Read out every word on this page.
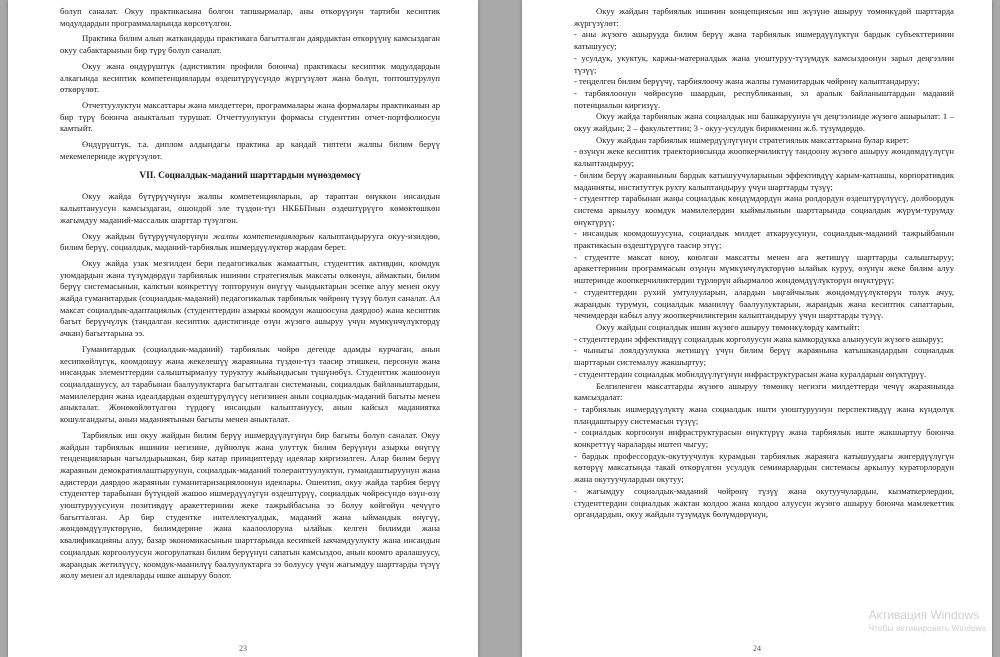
болуп саналат. Окуу практикасына болгон тапшырмалар, аны өткөрүүнүн тартиби кесиптик модулдардын программаларында көрсөтүлгөн.

Практика билим алып жаткандарды практикага багытталган даярдыктан өткөрүүнү камсыздаган окуу сабактарынын бир түрү болуп саналат.

Окуу жана өндүрүштүк (адистиктин профили боюнча) практикасы кесиптик модулдардын алкагында кесиптик компетенцияларды өздештүрүүсүндө жүргүзүлөт жана бөлүп, топтоштурулуп өткөрүлөт.

Отчеттуулуктун максаттары жана милдеттери, программалары жана формалары практиканын ар бир түрү боюнча аныкталып турушат. Отчеттуулуктун формасы студенттин отчет-портфолиосун камтыйт.

Өндүрүштүк, т.а. диплом алдындагы практика ар кандай типтеги жалпы билим берүү мекемелеринде жүргүзүлөт.

VII. Социалдык-маданий шарттардын мүнөздөмөсү

Окуу жайда бүтүрүүчүнүн жалпы компетенцияларын, ар тараптан өнүккөн инсандын калыптануусун камсыздаган, ошондой эле түздөн-түз НКББПнын өздештүрүүгө көмөктөшкөн жагымдуу маданий-массалык шарттар түзүлгөн.

Окуу жайдын бүтүрүүчүлөрүнүн жалпы компетенцияларын калыптандырууга окуу-изилдөө, билим берүү, социалдык, маданий-тарбиялык ишмердүүлүктөр жардам берет.

Окуу жайда узак мезгилден бери педагогикалык жамааттын, студенттик активдин, коомдук уюмдардын жана түзүмдөрдүн тарбиялык ишинин стратегиялык максаты өлкөнүн, аймактын, билим берүү системасынын, калктын конкреттүү топторунун өнүгүү чындыктарын эсепке алуу менен окуу жайда гуманитардык (социалдык-маданий) педагогикалык тарбиялык чөйрөнү түзүү болуп саналат. Ал максат социалдык-адаптациялык (студенттердин азыркы коомдун жашоосуна даярдоо) жана кесиптик багыт берүүчүлүк (тандалган кесиптик адистигинде өзүн жүзөгө ашыруу үчүн мүмкүнчүлүктөрдү ачкан) багыттарына ээ.

Гуманитардык (социалдык-маданий) тарбиялык чөйрө дегенде адамды курчаган, анын кесипкөйлүгүк, коомдошуу жана жекелешүү жараянына түздөн-түз таасир этишкен, персонун жана инсандык элементтердин салыштырмалуу туруктуу жыйындысын түшүнөбүз. Студенттик жашоонун социалдашуусу, ал тарабынан баалуулуктарга багытталган системанын, социалдык байланыштардын, мамилелердин жана идеалдардын өздештүрүлүүсү негизинен анын социалдык-маданий багыты менен аныкталат. Жөнөкөйлөтүлгөн түрдөгү инсандын калыптануусу, анын кайсыл маданиятка кошулгандыгы, анын маданиятынын багыты менен аныкталат.

Тарбиялык иш окуу жайдын билим берүү ишмердүүлүгүнүн бир багыты болуп саналат. Окуу жайдын тарбиялык ишинин негизине, дүйнөлүк жана улуттук билим берүүнүн азыркы өнүгүү тенденцияларын чагылдырышкан, бир катар принциптердү идеялар киргизилген. Алар билим берүү жараянын демократиялаштыруунун, социалдык-маданий толеранттуулуктун, гумандаштыруунун жана адистерди даярдоо жараянын гуманитаризациялоонун идеялары. Ошентип, окуу жайда тарбия берүү студенттер тарабынан бүтүндөй жашоо ишмердүүлүгүн өздештүрүү, социалдык чөйрөсүндө өзүн-өзү уюштурууусунун позитивдүү аракеттеринин жеке тажрыйбасына ээ болуу көйгөйүн чечүүгө багытталган. Ар бир студентке интеллектуалдык, маданий жана ыймандык өнүгүү, жөндөмдүүлүктөрүнө, билимдерине жана каалоолоруна ылайык келген билимди жана квалификацияны алуу, базар экономикасынын шарттарында кесипкей ыкчамдуулукту жана инсандын социалдык коргоолуусун жогорулаткан билим берүүнүн сапатын камсыздоо, анын коомго аралашуусу, жарандык жетилүүсү, коомдук-маанилүү баалуулуктарга ээ болуусу үчүн жагымдуу шарттарды түзүү жолу менен ал идеяларды ишке ашыруу болот.

23

Окуу жайдын тарбиялык ишинин концепциясын иш жүзүнө ашыруу төмөнкүдөй шарттарда жүргүзүлөт:

- аны жүзөгө ашырууда билим берүү жана тарбиялык ишмердүүлүктүн бардык субъекттеринин катышуусу;

- усулдук, укуктук, каржы-материалдык жана уюштуруу-түзүмдүк камсыздоонун зарыл деңгээлин түзүү;

- теңделген билим берүүчү, тарбиялоочу жана жалпы гуманитардык чөйрөнү калыптандыруу;

- тарбиялоонун чөйрөсүнө шаардын, республиканын, эл аралык байланыштардын маданий потенциалын киргизүү.

Окуу жайда тарбиялык жана социалдык иш башкаруунун үч деңгээлинде жүзөгө ашырылат: 1 – окуу жайдын; 2 – факультеттин; 3 - окуу-усулдук бирикменин ж.б. түзүмдөрдө.

Окуу жайдын тарбиялык ишмердүүлүгүнүн стратегиялык максаттарына булар кирет:

- өзүнүн жеке кесиптик траекториясында жоопкерчиликтүү тандоону жүзөгө ашыруу жөндөмдүүлүгүн калыптандыруу;

- билим берүү жараянынын бардык катышуучуларынын эффективдүү карым-катнашы, корпоративдик маданияты, институттук рухту калыптандыруу үчүн шарттарды түзүү;

- студенттер тарабынан жаңы социалдык көндүмдөрдүн жана ролдордун өздештүрүлүүсү, долбоордук система аркылуу коомдук мамилелердин кыймылынын шарттарында социалдык жүрүм-турумду өнүктүрүү;

- инсандык коомдошуусуна, социалдык милдет аткаруусунун, социалдык-маданий тажрыйбанын практикасын өздештүрүүгө таасир этүү;

- студентте максат коюу, коюлган максатты менен ага жетишүү шарттарды салыштыруу; аракеттеринин программасын өзүнүн мүмкүнчүлүктөрүнө ылайык куруу, өзүнүн жеке билим алуу иштеринде жоопкерчиликтердин түрлөрүн айырмалоо жөндөмдүүлүктөрүн өнүктүрүү;

- студенттердин рухий умтулууларын, алардын ыңгайчылык жөндөмдүүлүктөрүн толук ачуу, жарандык турумун, социалдык маанилүү баалуулуктарын, жарандык жана кесиптик сапаттарын, чечимдерди кабыл алуу жоопкерчиликтерин калыптандыруу үчүн шарттарды түзүү.

Окуу жайдын социалдык ишин жүзөгө ашыруу төмөнкүлөрдү камтыйт:

- студенттердин эффективдүү социалдык корголуусун жана камкордукка алынуусун жүзөгө ашыруу;

- чыныгы лоялдуулукка жетишүү үчүн билим берүү жараянына катышкандардын социалдык шарттарын системалуу жакшыртуу;

- студенттердин социалдык мобилдүүлүгүнүн инфраструктурасын жана куралдарын өнүктүрүү.

Белгиленген максаттарды жүзөгө ашыруу төмөнкү негизги милдеттерди чечүү жараянында камсыздалат:

- тарбиялык ишмердүүлүктү жана социалдык ишти уюштуруунун перспективдүү жана күндөлүк пландаштыруу системасын түзүү;

- социалдык коргоонун инфраструктурасын өнүктүрүү жана тарбиялык иште жакшыртуу боюнча конкреттүү чараларды иштеп чыгуу;

- бардык профессордук-окутуучулук курамдын тарбиялык жараянга катышуудагы жигердүүлүгүн көтөрүү максатында такай өткөрүлгөн усулдук семинарлардын системасы аркылуу кураторлордун жана окутуучулардын окутуу;

- жагымдуу социалдык-маданий чөйрөнү түзүү жана окутуучулардын, кызматкерлердин, студенттердин социалдык жактан колдоо жана колдоо алуусун жүзөгө ашыруу боюнча мамлекеттик органдардын, окуу жайдын түзүмдүк бөлүмдөрүнүн,

Активация Windows
Чтобы активировать Windows
24
